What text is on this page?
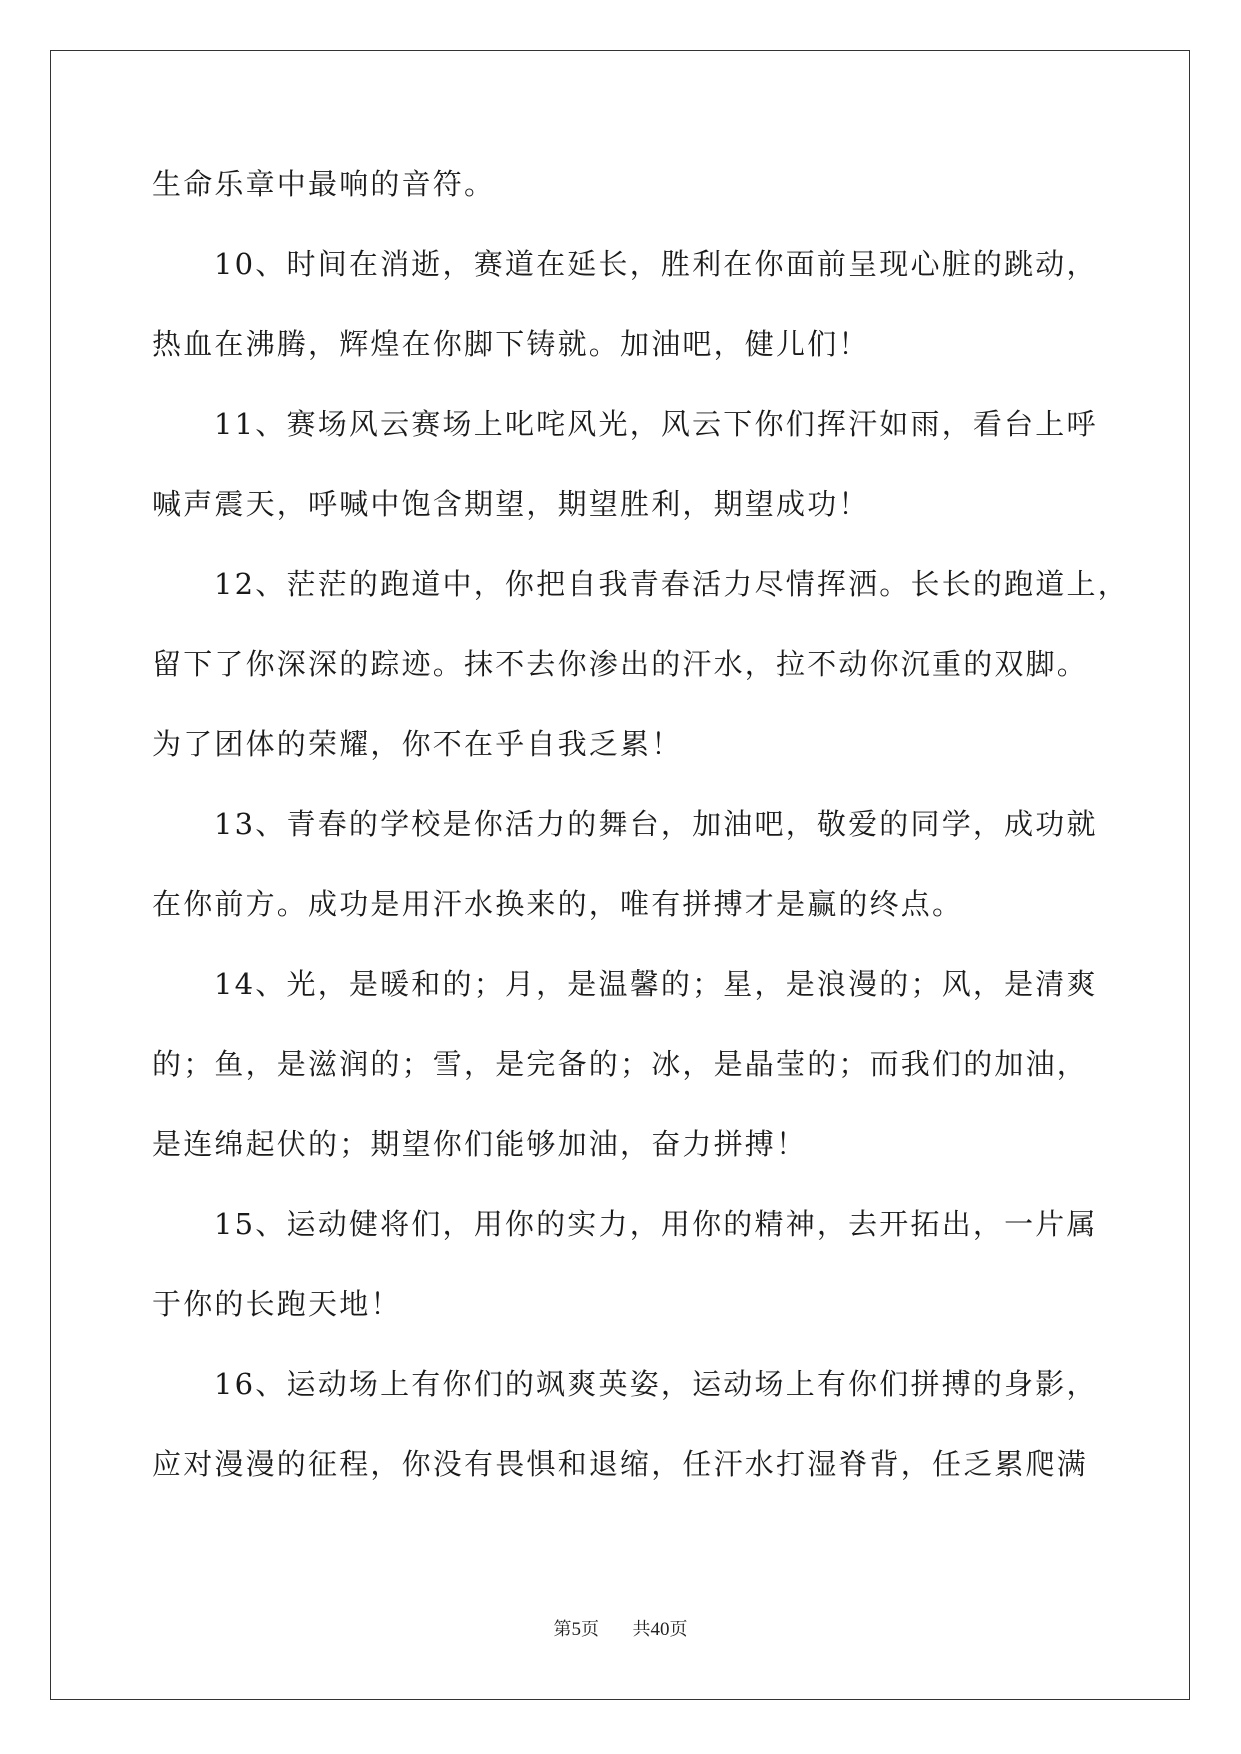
生命乐章中最响的音符。
10、时间在消逝，赛道在延长，胜利在你面前呈现心脏的跳动，
热血在沸腾，辉煌在你脚下铸就。加油吧，健儿们！
11、赛场风云赛场上叱咤风光，风云下你们挥汗如雨，看台上呼
喊声震天，呼喊中饱含期望，期望胜利，期望成功！
12、茫茫的跑道中，你把自我青春活力尽情挥洒。长长的跑道上，
留下了你深深的踪迹。抹不去你渗出的汗水，拉不动你沉重的双脚。
为了团体的荣耀，你不在乎自我乏累！
13、青春的学校是你活力的舞台，加油吧，敬爱的同学，成功就
在你前方。成功是用汗水换来的，唯有拼搏才是赢的终点。
14、光，是暖和的；月，是温馨的；星，是浪漫的；风，是清爽
的；鱼，是滋润的；雪，是完备的；冰，是晶莹的；而我们的加油，
是连绵起伏的；期望你们能够加油，奋力拼搏！
15、运动健将们，用你的实力，用你的精神，去开拓出，一片属
于你的长跑天地！
16、运动场上有你们的飒爽英姿，运动场上有你们拼搏的身影，
应对漫漫的征程，你没有畏惧和退缩，任汗水打湿脊背，任乏累爬满
第5页 共40页
